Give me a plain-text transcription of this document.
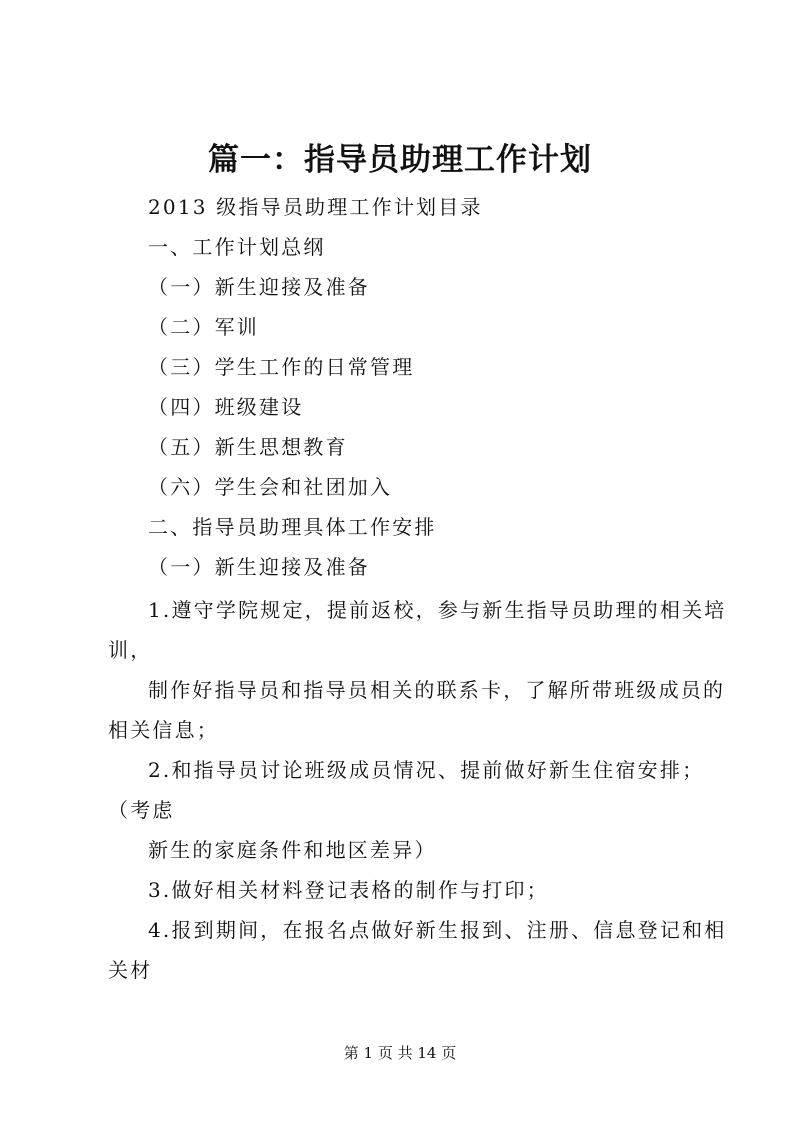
篇一：指导员助理工作计划
2013 级指导员助理工作计划目录
一、工作计划总纲
（一）新生迎接及准备
（二）军训
（三）学生工作的日常管理
（四）班级建设
（五）新生思想教育
（六）学生会和社团加入
二、指导员助理具体工作安排
（一）新生迎接及准备
1.遵守学院规定，提前返校，参与新生指导员助理的相关培
训，
制作好指导员和指导员相关的联系卡，了解所带班级成员的
相关信息；
2.和指导员讨论班级成员情况、提前做好新生住宿安排；
（考虑
新生的家庭条件和地区差异）
3.做好相关材料登记表格的制作与打印；
4.报到期间，在报名点做好新生报到、注册、信息登记和相
关材
第 1 页 共 14 页
